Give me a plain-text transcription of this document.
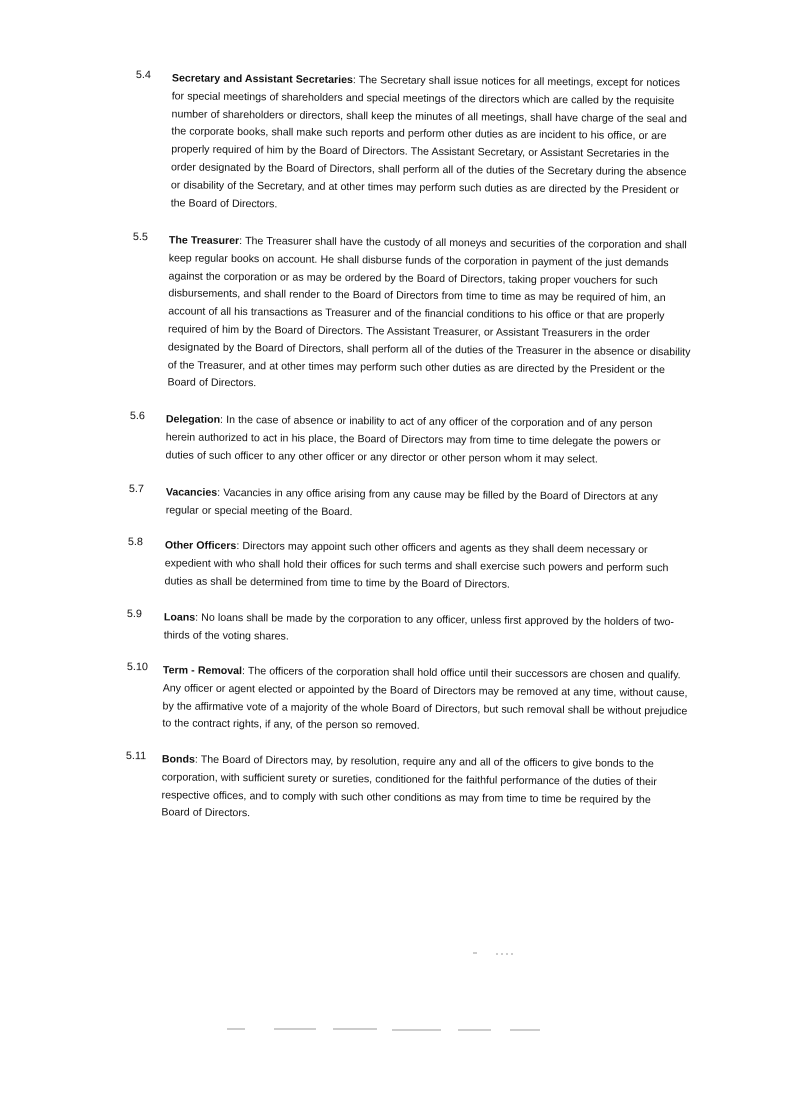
5.4 Secretary and Assistant Secretaries: The Secretary shall issue notices for all meetings, except for notices for special meetings of shareholders and special meetings of the directors which are called by the requisite number of shareholders or directors, shall keep the minutes of all meetings, shall have charge of the seal and the corporate books, shall make such reports and perform other duties as are incident to his office, or are properly required of him by the Board of Directors. The Assistant Secretary, or Assistant Secretaries in the order designated by the Board of Directors, shall perform all of the duties of the Secretary during the absence or disability of the Secretary, and at other times may perform such duties as are directed by the President or the Board of Directors.
5.5 The Treasurer: The Treasurer shall have the custody of all moneys and securities of the corporation and shall keep regular books on account. He shall disburse funds of the corporation in payment of the just demands against the corporation or as may be ordered by the Board of Directors, taking proper vouchers for such disbursements, and shall render to the Board of Directors from time to time as may be required of him, an account of all his transactions as Treasurer and of the financial conditions to his office or that are properly required of him by the Board of Directors. The Assistant Treasurer, or Assistant Treasurers in the order designated by the Board of Directors, shall perform all of the duties of the Treasurer in the absence or disability of the Treasurer, and at other times may perform such other duties as are directed by the President or the Board of Directors.
5.6 Delegation: In the case of absence or inability to act of any officer of the corporation and of any person herein authorized to act in his place, the Board of Directors may from time to time delegate the powers or duties of such officer to any other officer or any director or other person whom it may select.
5.7 Vacancies: Vacancies in any office arising from any cause may be filled by the Board of Directors at any regular or special meeting of the Board.
5.8 Other Officers: Directors may appoint such other officers and agents as they shall deem necessary or expedient with who shall hold their offices for such terms and shall exercise such powers and perform such duties as shall be determined from time to time by the Board of Directors.
5.9 Loans: No loans shall be made by the corporation to any officer, unless first approved by the holders of two-thirds of the voting shares.
5.10 Term - Removal: The officers of the corporation shall hold office until their successors are chosen and qualify. Any officer or agent elected or appointed by the Board of Directors may be removed at any time, without cause, by the affirmative vote of a majority of the whole Board of Directors, but such removal shall be without prejudice to the contract rights, if any, of the person so removed.
5.11 Bonds: The Board of Directors may, by resolution, require any and all of the officers to give bonds to the corporation, with sufficient surety or sureties, conditioned for the faithful performance of the duties of their respective offices, and to comply with such other conditions as may from time to time be required by the Board of Directors.
